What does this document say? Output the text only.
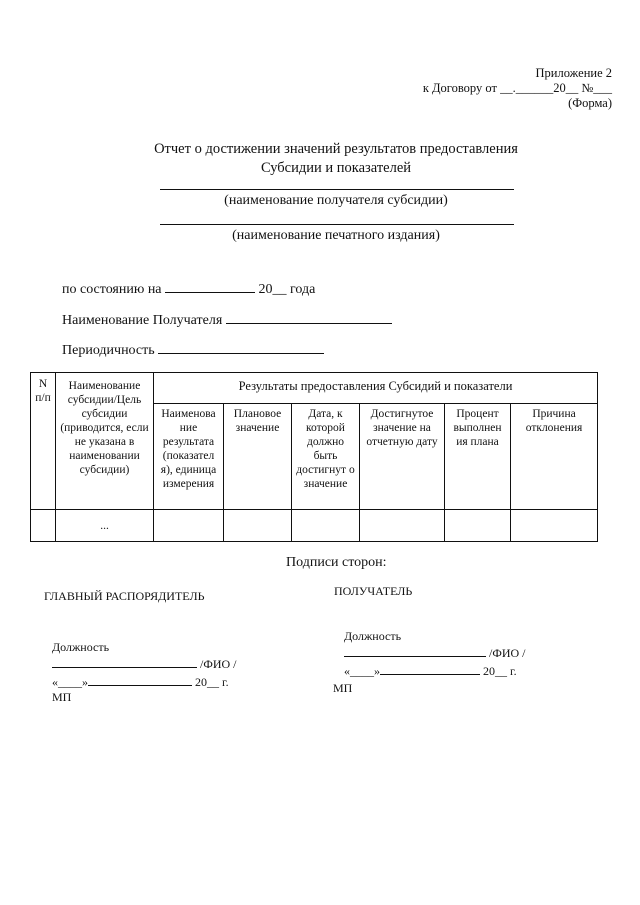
Приложение 2
к Договору от __.______20__ №___
(Форма)
Отчет о достижении значений результатов предоставления
Субсидии и показателей
(наименование получателя субсидии)
(наименование печатного издания)
по состоянию на	20__ года
Наименование Получателя
Периодичность
N п/п	Наименование субсидии/Цель субсидии (приводится, если не указана в наименовании субсидии)	Результаты предоставления Субсидий и показатели					
		Наименова ние результата (показател я), единица измерения	Плановое значение	Дата, к которой должно быть достигнут о значение	Достигнутое значение на отчетную дату	Процент выполнен ия плана	Причина отклонения
	...						
Подписи сторон:
ГЛАВНЫЙ РАСПОРЯДИТЕЛЬ
Должность
/ФИО /
«____»	20__ г.
МП
ПОЛУЧАТЕЛЬ
Должность
/ФИО /
«____»	20__ г.
МП
